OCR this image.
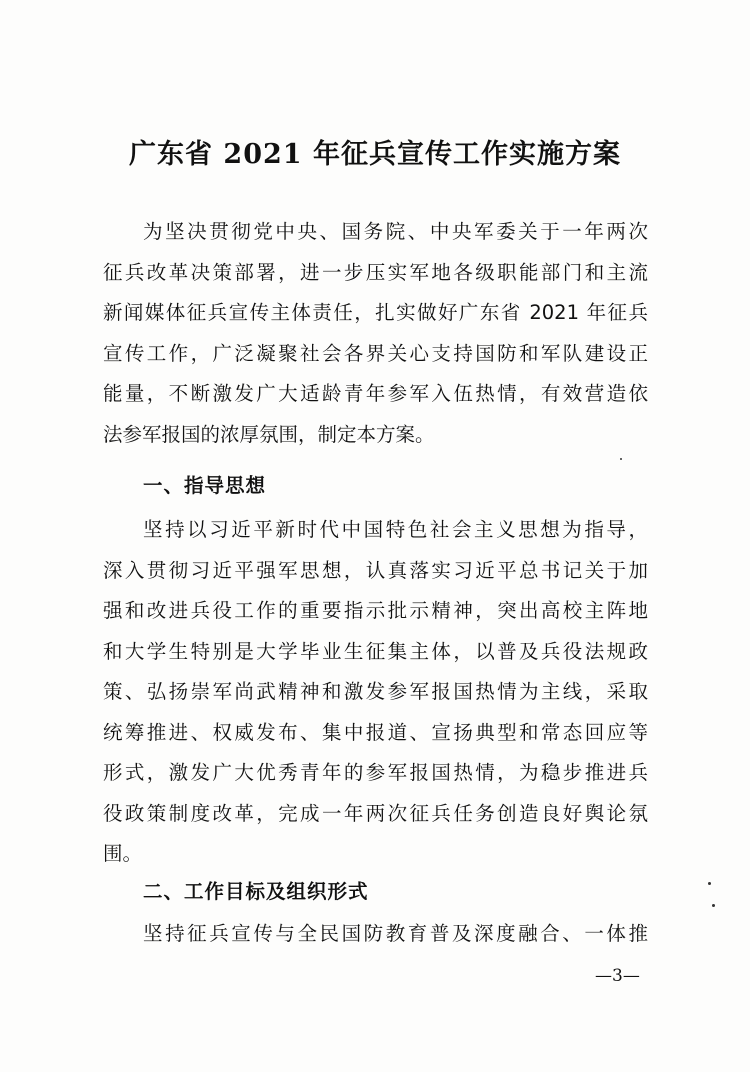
广东省 2021 年征兵宣传工作实施方案
为坚决贯彻党中央、国务院、中央军委关于一年两次
征兵改革决策部署，进一步压实军地各级职能部门和主流
新闻媒体征兵宣传主体责任，扎实做好广东省 2021 年征兵
宣传工作，广泛凝聚社会各界关心支持国防和军队建设正
能量，不断激发广大适龄青年参军入伍热情，有效营造依
法参军报国的浓厚氛围，制定本方案。
一、指导思想
坚持以习近平新时代中国特色社会主义思想为指导，
深入贯彻习近平强军思想，认真落实习近平总书记关于加
强和改进兵役工作的重要指示批示精神，突出高校主阵地
和大学生特别是大学毕业生征集主体，以普及兵役法规政
策、弘扬崇军尚武精神和激发参军报国热情为主线，采取
统筹推进、权威发布、集中报道、宣扬典型和常态回应等
形式，激发广大优秀青年的参军报国热情，为稳步推进兵
役政策制度改革，完成一年两次征兵任务创造良好舆论氛
围。
二、工作目标及组织形式
坚持征兵宣传与全民国防教育普及深度融合、一体推
—3—
